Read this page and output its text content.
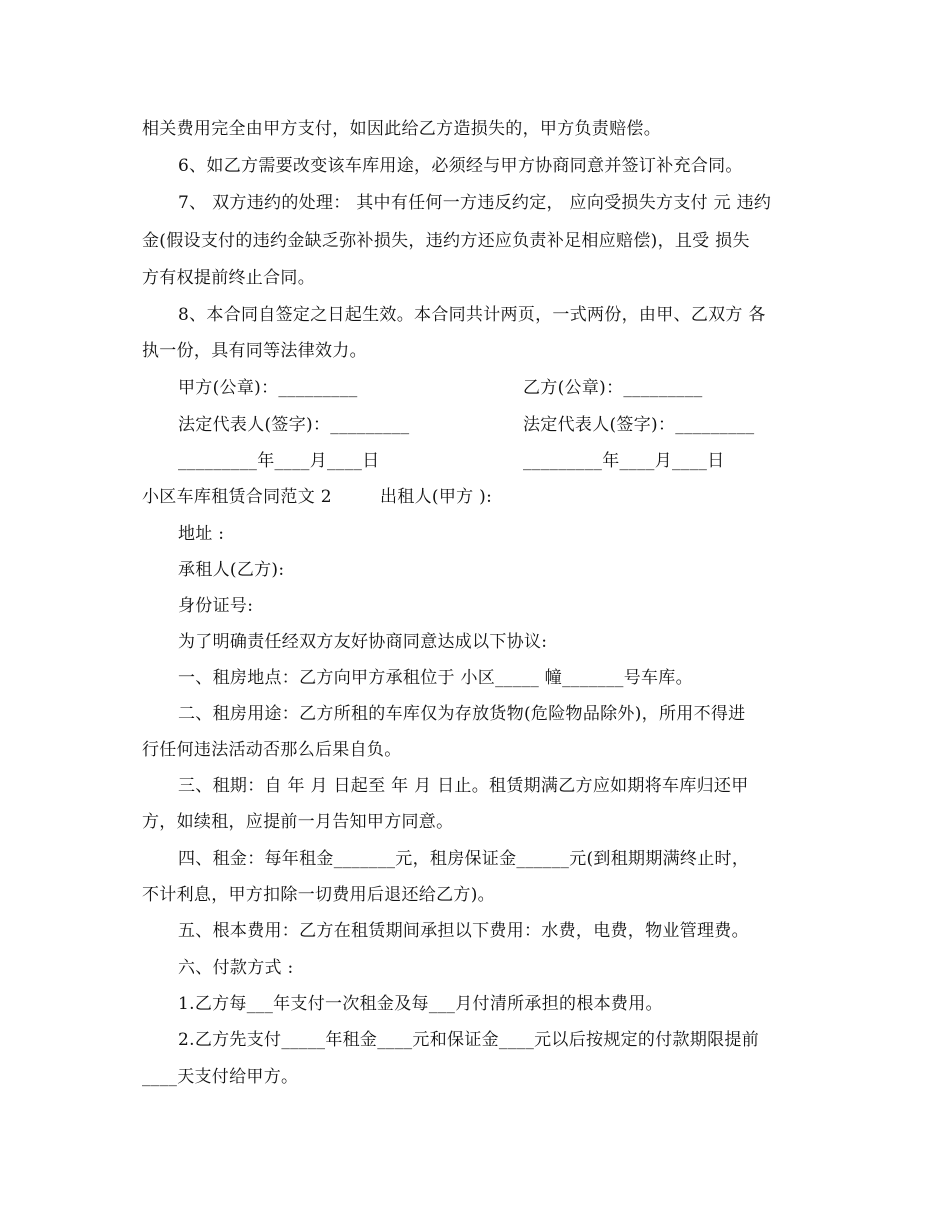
相关费用完全由甲方支付，如因此给乙方造损失的，甲方负责赔偿。
6、如乙方需要改变该车库用途，必须经与甲方协商同意并签订补充合同。
7、 双方违约的处理： 其中有任何一方违反约定， 应向受损失方支付 元 违约
金(假设支付的违约金缺乏弥补损失，违约方还应负责补足相应赔偿)，且受 损失
方有权提前终止合同。
8、本合同自签定之日起生效。本合同共计两页，一式两份，由甲、乙双方 各
执一份，具有同等法律效力。
甲方(公章)：_________	乙方(公章)：_________
法定代表人(签字)：_________	法定代表人(签字)：_________
_________年____月____日	_________年____月____日
小区车库租赁合同范文 2	出租人(甲方 ):
地址 :
承租人(乙方):
身份证号:
为了明确责任经双方友好协商同意达成以下协议:
一、租房地点：乙方向甲方承租位于 小区_____ 幢_______号车库。
二、租房用途：乙方所租的车库仅为存放货物(危险物品除外)，所用不得进
行任何违法活动否那么后果自负。
三、租期：自 年 月 日起至 年 月 日止。租赁期满乙方应如期将车库归还甲
方，如续租，应提前一月告知甲方同意。
四、租金：每年租金_______元，租房保证金______元(到租期期满终止时，
不计利息，甲方扣除一切费用后退还给乙方)。
五、根本费用：乙方在租赁期间承担以下费用：水费，电费，物业管理费。
六、付款方式 :
1.乙方每___年支付一次租金及每___月付清所承担的根本费用。
2.乙方先支付_____年租金____元和保证金____元以后按规定的付款期限提前
____天支付给甲方。
